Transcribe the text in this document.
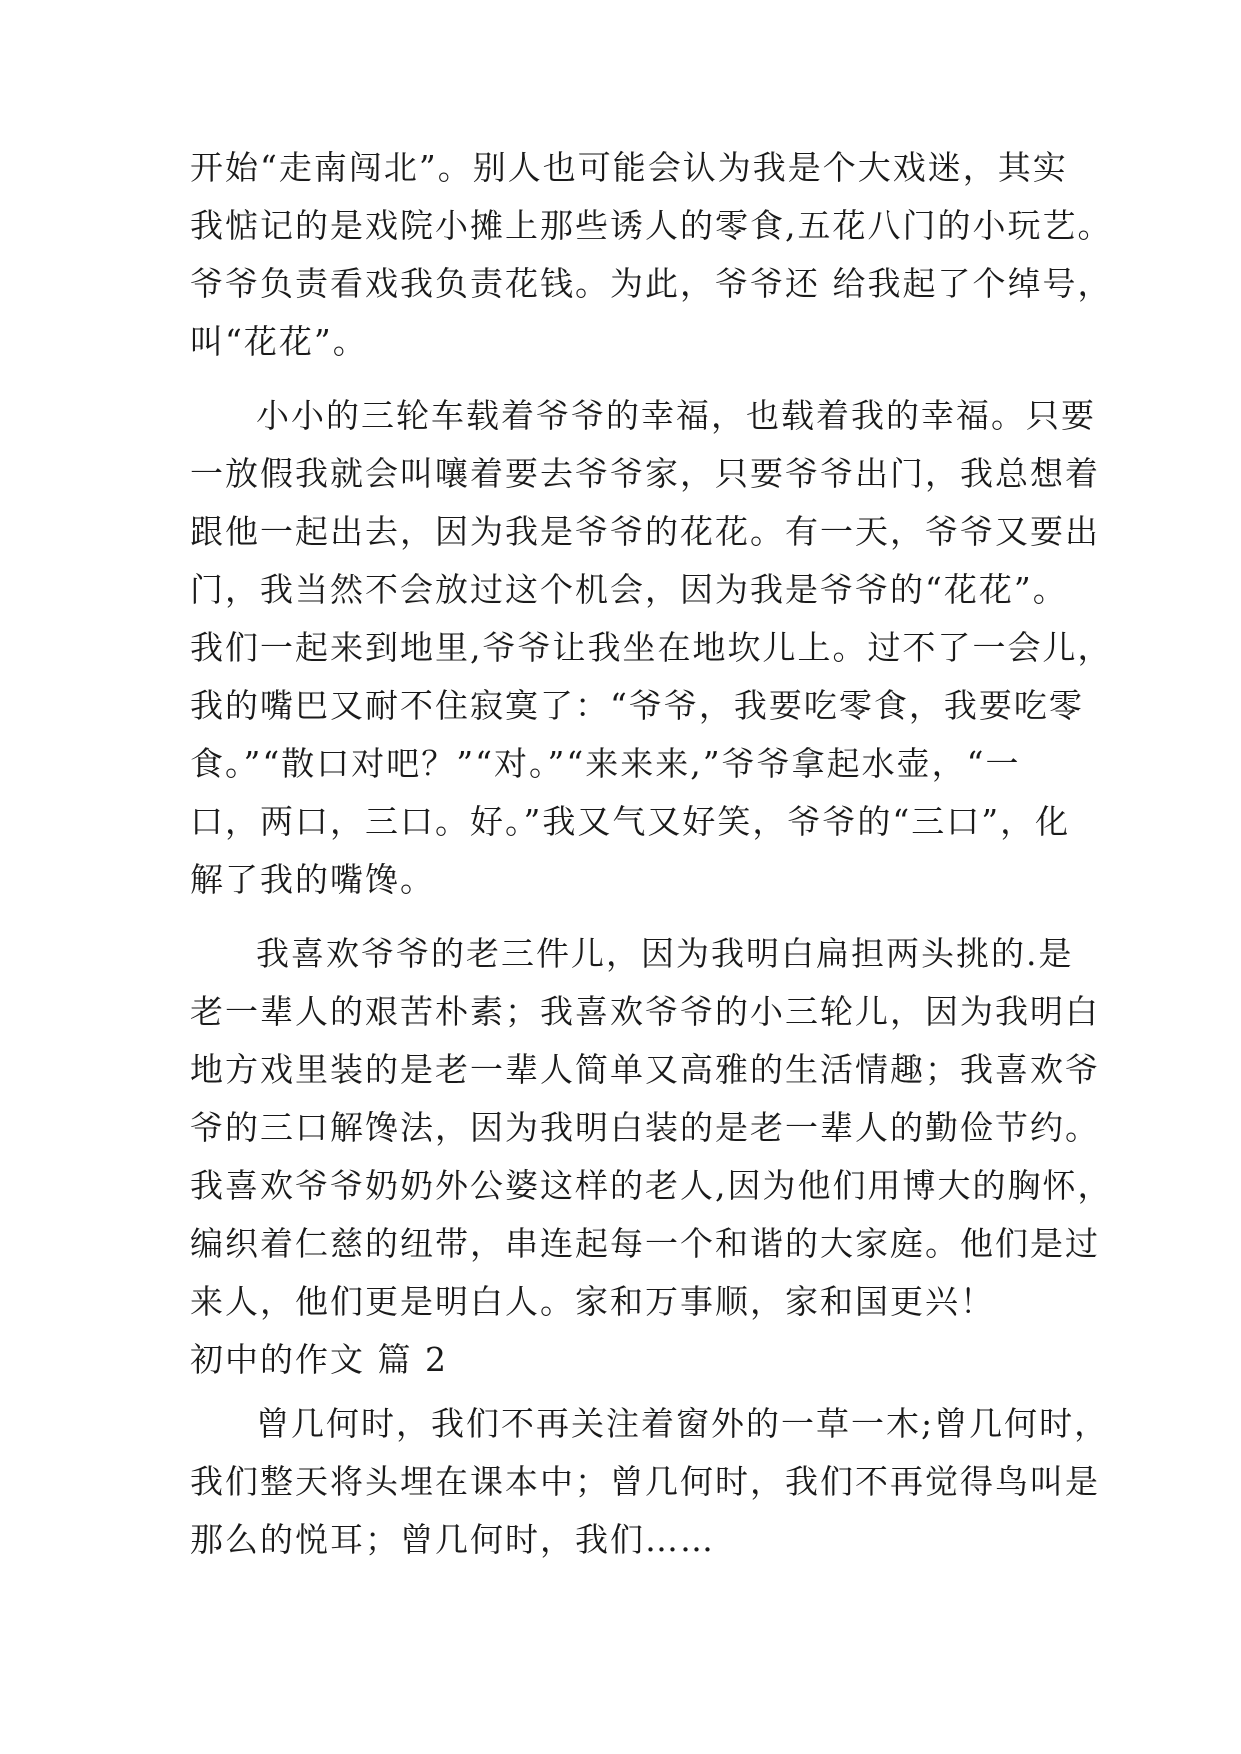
开始“走南闯北”。别人也可能会认为我是个大戏迷，其实
我惦记的是戏院小摊上那些诱人的零食,五花八门的小玩艺。
爷爷负责看戏我负责花钱。为此，爷爷还 给我起了个绰号，
叫“花花”。
小小的三轮车载着爷爷的幸福，也载着我的幸福。只要
一放假我就会叫嚷着要去爷爷家，只要爷爷出门，我总想着
跟他一起出去，因为我是爷爷的花花。有一天，爷爷又要出
门，我当然不会放过这个机会，因为我是爷爷的“花花”。
我们一起来到地里,爷爷让我坐在地坎儿上。过不了一会儿，
我的嘴巴又耐不住寂寞了：“爷爷，我要吃零食，我要吃零
食。”“散口对吧？”“对。”“来来来,”爷爷拿起水壶，“一
口，两口，三口。好。”我又气又好笑，爷爷的“三口”，化
解了我的嘴馋。
我喜欢爷爷的老三件儿，因为我明白扁担两头挑的.是
老一辈人的艰苦朴素；我喜欢爷爷的小三轮儿，因为我明白
地方戏里装的是老一辈人简单又高雅的生活情趣；我喜欢爷
爷的三口解馋法，因为我明白装的是老一辈人的勤俭节约。
我喜欢爷爷奶奶外公婆这样的老人,因为他们用博大的胸怀，
编织着仁慈的纽带，串连起每一个和谐的大家庭。他们是过
来人，他们更是明白人。家和万事顺，家和国更兴！
初中的作文 篇 2
曾几何时，我们不再关注着窗外的一草一木;曾几何时，
我们整天将头埋在课本中；曾几何时，我们不再觉得鸟叫是
那么的悦耳；曾几何时，我们……
